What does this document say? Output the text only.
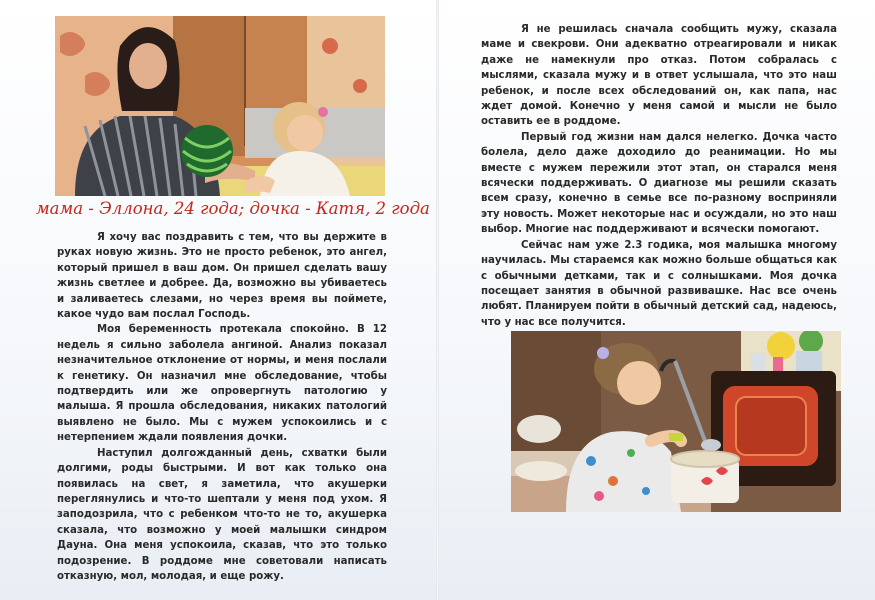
мама - Эллона, 24 года; дочка - Катя, 2 года

Я хочу вас поздравить с тем, что вы держите в руках новую жизнь. Это не просто ребенок, это ангел, который пришел в ваш дом. Он пришел сделать вашу жизнь светлее и добрее. Да, возможно вы убиваетесь и заливаетесь слезами, но через время вы поймете, какое чудо вам послал Господь.

Моя беременность протекала спокойно. В 12 недель я сильно заболела ангиной. Анализ показал незначительное отклонение от нормы, и меня послали к генетику. Он назначил мне обследование, чтобы подтвердить или же опровергнуть патологию у малыша. Я прошла обследования, никаких патологий выявлено не было. Мы с мужем успокоились и с нетерпением ждали появления дочки.

Наступил долгожданный день, схватки были долгими, роды быстрыми. И вот как только она появилась на свет, я заметила, что акушерки переглянулись и что-то шептали у меня под ухом. Я заподозрила, что с ребенком что-то не то, акушерка сказала, что возможно у моей малышки синдром Дауна. Она меня успокоила, сказав, что это только подозрение. В роддоме мне советовали написать отказную, мол, молодая, и еще рожу.

Я не решилась сначала сообщить мужу, сказала маме и свекрови. Они адекватно отреагировали и никак даже не намекнули про отказ. Потом собралась с мыслями, сказала мужу и в ответ услышала, что это наш ребенок, и после всех обследований он, как папа, нас ждет домой. Конечно у меня самой и мысли не было оставить ее в роддоме.

Первый год жизни нам дался нелегко. Дочка часто болела, дело даже доходило до реанимации. Но мы вместе с мужем пережили этот этап, он старался меня всячески поддерживать. О диагнозе мы решили сказать всем сразу, конечно в семье все по-разному восприняли эту новость. Может некоторые нас и осуждали, но это наш выбор. Многие нас поддерживают и всячески помогают.

Сейчас нам уже 2.3 годика, моя малышка многому научилась. Мы стараемся как можно больше общаться как с обычными детками, так и с солнышками. Моя дочка посещает занятия в обычной развивашке. Нас все очень любят. Планируем пойти в обычный детский сад, надеюсь, что у нас все получится.
